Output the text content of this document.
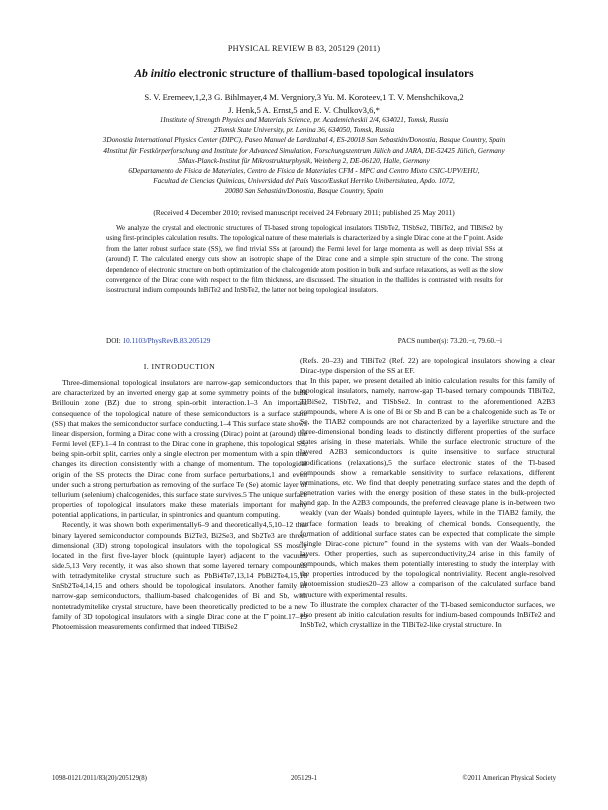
PHYSICAL REVIEW B 83, 205129 (2011)
Ab initio electronic structure of thallium-based topological insulators
S. V. Eremeev,1,2,3 G. Bihlmayer,4 M. Vergniory,3 Yu. M. Koroteev,1 T. V. Menshchikova,2
J. Henk,5 A. Ernst,5 and E. V. Chulkov3,6,*
1Institute of Strength Physics and Materials Science, pr. Academicheskii 2/4, 634021, Tomsk, Russia
2Tomsk State University, pr. Lenina 36, 634050, Tomsk, Russia
3Donostia International Physics Center (DIPC), Paseo Manuel de Lardizabal 4, ES-20018 San Sebastián/Donostia, Basque Country, Spain
4Institut für Festkörperforschung and Institute for Advanced Simulation, Forschungszentrum Jülich and JARA, DE-52425 Jülich, Germany
5Max-Planck-Institut für Mikrostrukturphysik, Weinberg 2, DE-06120, Halle, Germany
6Departamento de Física de Materiales, Centro de Física de Materiales CFM - MPC and Centro Mixto CSIC-UPV/EHU,
Facultad de Ciencias Químicas, Universidad del País Vasco/Euskal Herriko Unibertsitatea, Apdo. 1072,
20080 San Sebastián/Donostia, Basque Country, Spain
(Received 4 December 2010; revised manuscript received 24 February 2011; published 25 May 2011)
We analyze the crystal and electronic structures of Tl-based strong topological insulators TlSbTe2, TlSbSe2, TlBiTe2, and TlBiSe2 by using first-principles calculation results. The topological nature of these materials is characterized by a single Dirac cone at the Γ̄ point. Aside from the latter robust surface state (SS), we find trivial SSs at (around) the Fermi level for large momenta as well as deep trivial SSs at (around) Γ̄. The calculated energy cuts show an isotropic shape of the Dirac cone and a simple spin structure of the cone. The strong dependence of electronic structure on both optimization of the chalcogenide atom position in bulk and surface relaxations, as well as the slow convergence of the Dirac cone with respect to the film thickness, are discussed. The situation in the thallides is contrasted with results for isostructural indium compounds InBiTe2 and InSbTe2, the latter not being topological insulators.
DOI: 10.1103/PhysRevB.83.205129	PACS number(s): 73.20.−r, 79.60.−i
I. INTRODUCTION

Three-dimensional topological insulators are narrow-gap semiconductors that are characterized by an inverted energy gap at some symmetry points of the bulk Brillouin zone (BZ) due to strong spin-orbit interaction.1–3 An important consequence of the topological nature of these semiconductors is a surface state (SS) that makes the semiconductor surface conducting.1–4 This surface state shows linear dispersion, forming a Dirac cone with a crossing (Dirac) point at (around) the Fermi level (EF).1–4 In contrast to the Dirac cone in graphene, this topological SS, being spin-orbit split, carries only a single electron per momentum with a spin that changes its direction consistently with a change of momentum. The topological origin of the SS protects the Dirac cone from surface perturbations,1 and even under such a strong perturbation as removing of the surface Te (Se) atomic layer of tellurium (selenium) chalcogenides, this surface state survives.5 The unique surface properties of topological insulators make these materials important for many potential applications, in particular, in spintronics and quantum computing.

Recently, it was shown both experimentally6–9 and theoretically4,5,10–12 that binary layered semiconductor compounds Bi2Te3, Bi2Se3, and Sb2Te3 are three-dimensional (3D) strong topological insulators with the topological SS mostly located in the first five-layer block (quintuple layer) adjacent to the vacuum side.5,13 Very recently, it was also shown that some layered ternary compounds with tetradymitelike crystal structure such as PbBi4Te7,13,14 PbBi2Te4,15,16 SnSb2Te4,14,15 and others should be topological insulators. Another family of narrow-gap semiconductors, thallium-based chalcogenides of Bi and Sb, with nontetradymitelike crystal structure, have been theoretically predicted to be a new family of 3D topological insulators with a single Dirac cone at the Γ̄ point.17–19 Photoemission measurements confirmed that indeed TlBiSe2

(Refs. 20–23) and TlBiTe2 (Ref. 22) are topological insulators showing a clear Dirac-type dispersion of the SS at EF.

In this paper, we present detailed ab initio calculation results for this family of topological insulators, namely, narrow-gap Tl-based ternary compounds TlBiTe2, TlBiSe2, TlSbTe2, and TlSbSe2. In contrast to the aforementioned A2B3 compounds, where A is one of Bi or Sb and B can be a chalcogenide such as Te or Se, the TlAB2 compounds are not characterized by a layerlike structure and the three-dimensional bonding leads to distinctly different properties of the surface states arising in these materials. While the surface electronic structure of the layered A2B3 semiconductors is quite insensitive to surface structural modifications (relaxations),5 the surface electronic states of the Tl-based compounds show a remarkable sensitivity to surface relaxations, different terminations, etc. We find that deeply penetrating surface states and the depth of penetration varies with the energy position of these states in the bulk-projected band gap. In the A2B3 compounds, the preferred cleavage plane is in-between two weakly (van der Waals) bonded quintuple layers, while in the TlAB2 family, the surface formation leads to breaking of chemical bonds. Consequently, the formation of additional surface states can be expected that complicate the simple “single Dirac-cone picture” found in the systems with van der Waals–bonded layers. Other properties, such as superconductivity,24 arise in this family of compounds, which makes them potentially interesting to study the interplay with the properties introduced by the topological nontriviality. Recent angle-resolved photoemission studies20–23 allow a comparison of the calculated surface band structure with experimental results.

To illustrate the complex character of the Tl-based semiconductor surfaces, we also present ab initio calculation results for indium-based compounds InBiTe2 and InSbTe2, which crystallize in the TlBiTe2-like crystal structure. In

1098-0121/2011/83(20)/205129(8)	205129-1	©2011 American Physical Society
